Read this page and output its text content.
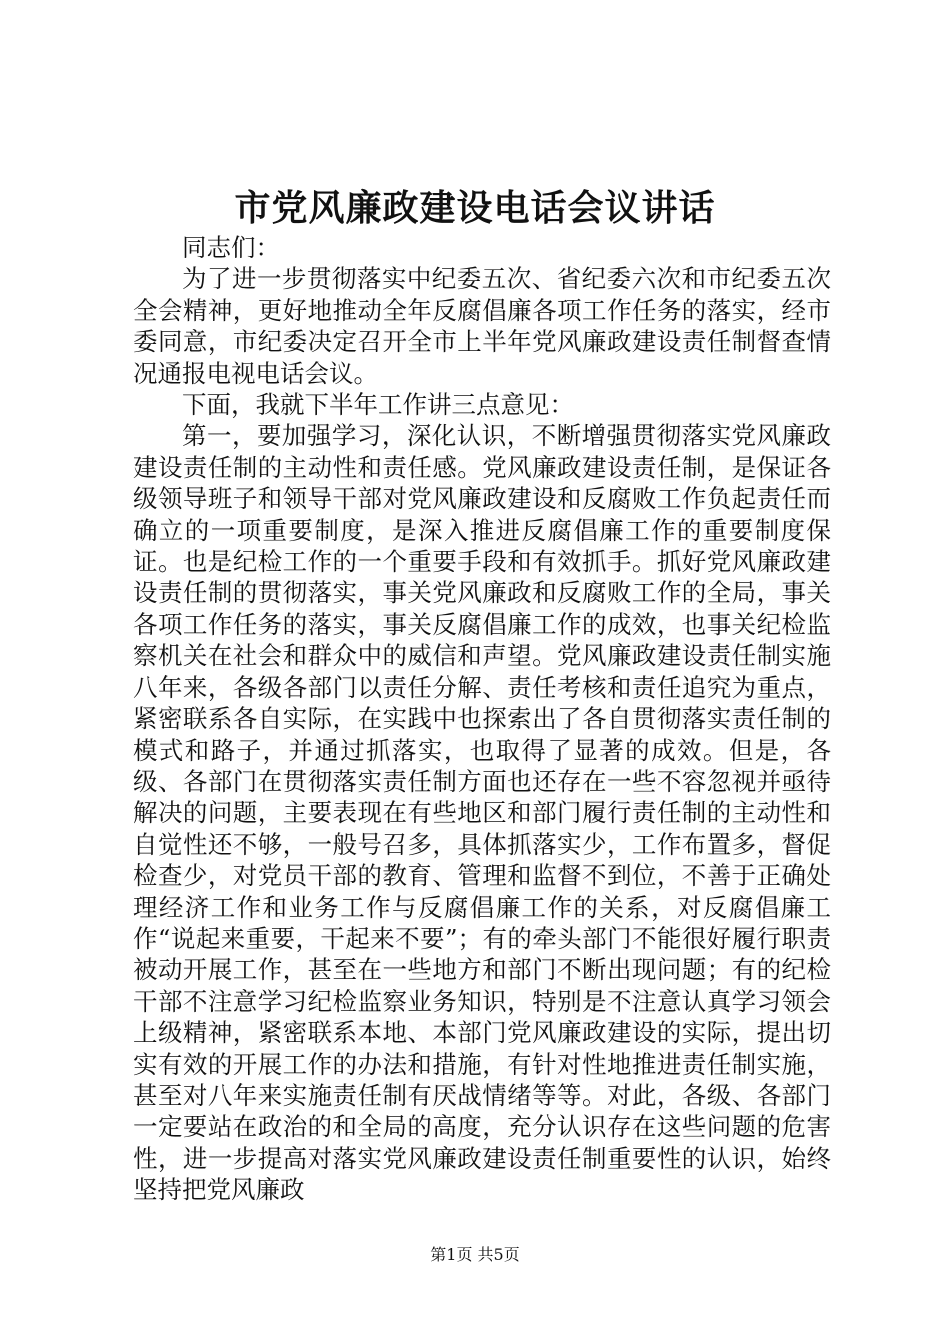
市党风廉政建设电话会议讲话

同志们：

为了进一步贯彻落实中纪委五次、省纪委六次和市纪委五次全会精神，更好地推动全年反腐倡廉各项工作任务的落实，经市委同意，市纪委决定召开全市上半年党风廉政建设责任制督查情况通报电视电话会议。

下面，我就下半年工作讲三点意见：

第一，要加强学习，深化认识，不断增强贯彻落实党风廉政建设责任制的主动性和责任感。党风廉政建设责任制，是保证各级领导班子和领导干部对党风廉政建设和反腐败工作负起责任而确立的一项重要制度，是深入推进反腐倡廉工作的重要制度保证。也是纪检工作的一个重要手段和有效抓手。抓好党风廉政建设责任制的贯彻落实，事关党风廉政和反腐败工作的全局，事关各项工作任务的落实，事关反腐倡廉工作的成效，也事关纪检监察机关在社会和群众中的威信和声望。党风廉政建设责任制实施八年来，各级各部门以责任分解、责任考核和责任追究为重点，紧密联系各自实际，在实践中也探索出了各自贯彻落实责任制的模式和路子，并通过抓落实，也取得了显著的成效。但是，各级、各部门在贯彻落实责任制方面也还存在一些不容忽视并亟待解决的问题，主要表现在有些地区和部门履行责任制的主动性和自觉性还不够，一般号召多，具体抓落实少，工作布置多，督促检查少，对党员干部的教育、管理和监督不到位，不善于正确处理经济工作和业务工作与反腐倡廉工作的关系，对反腐倡廉工作“说起来重要，干起来不要”；有的牵头部门不能很好履行职责被动开展工作，甚至在一些地方和部门不断出现问题；有的纪检干部不注意学习纪检监察业务知识，特别是不注意认真学习领会上级精神，紧密联系本地、本部门党风廉政建设的实际，提出切实有效的开展工作的办法和措施，有针对性地推进责任制实施，甚至对八年来实施责任制有厌战情绪等等。对此，各级、各部门一定要站在政治的和全局的高度，充分认识存在这些问题的危害性，进一步提高对落实党风廉政建设责任制重要性的认识，始终坚持把党风廉政

第1页 共5页
